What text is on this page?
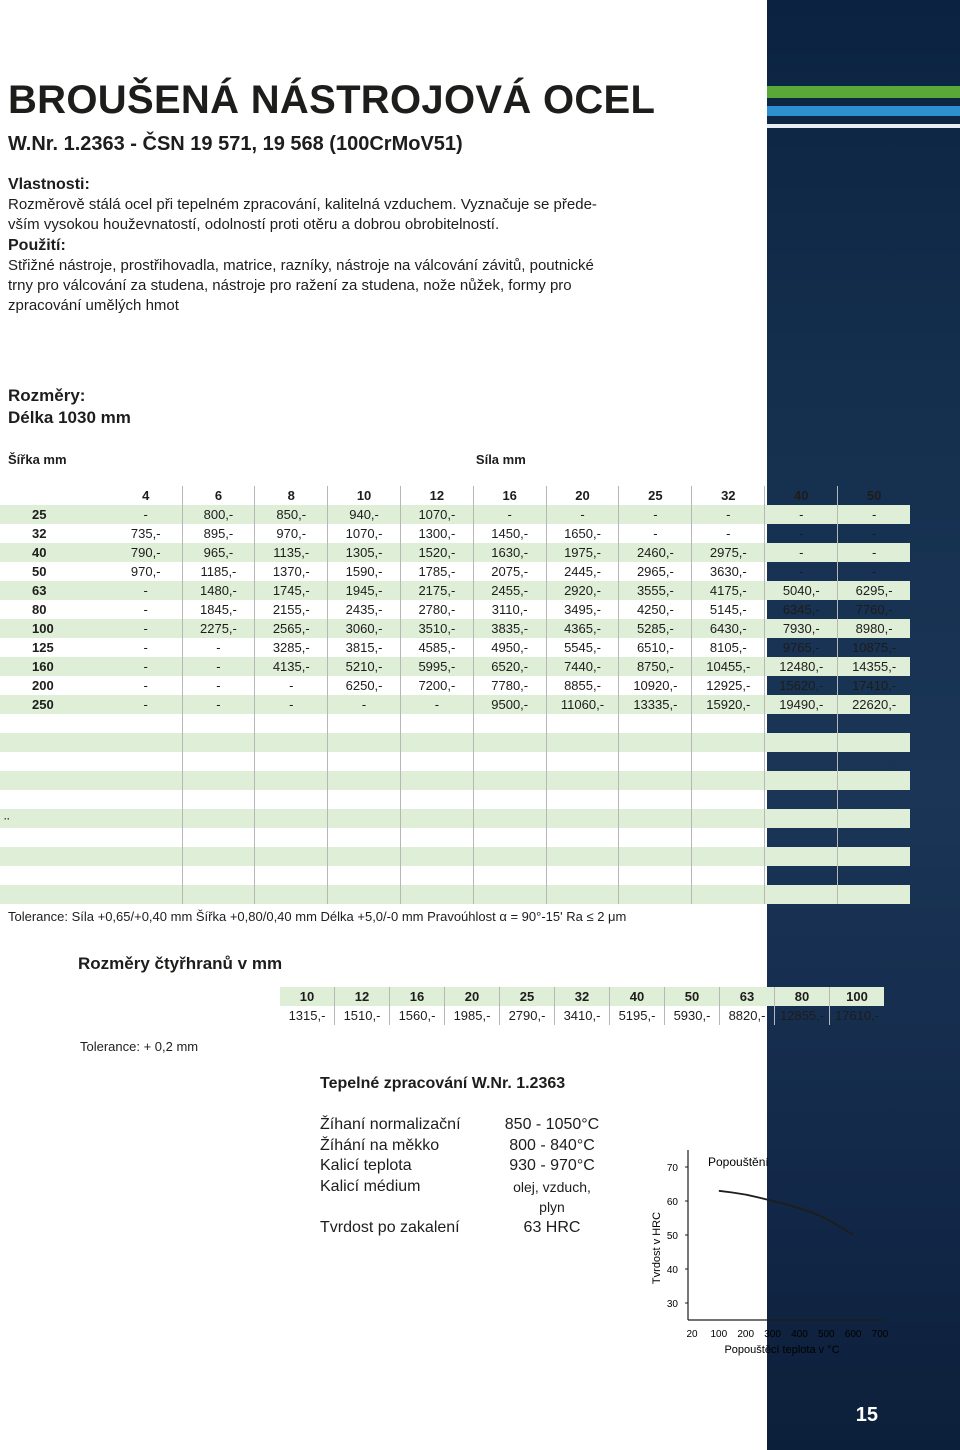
15
BROUŠENÁ NÁSTROJOVÁ OCEL
W.Nr. 1.2363 - ČSN 19 571, 19 568 (100CrMoV51)
Vlastnosti:
Rozměrově stálá ocel při tepelném zpracování, kalitelná vzduchem. Vyznačuje se přede-
vším vysokou houževnatostí, odolností proti otěru a dobrou obrobitelností.
Použití:
Střižné nástroje, prostřihovadla, matrice, razníky, nástroje na válcování závitů, poutnické
trny pro válcování za studena, nástroje pro ražení za studena, nože nůžek, formy pro
zpracování umělých hmot
Rozměry:
Délka 1030 mm
Šířka mm	Síla mm										
	4	6	8	10	12	16	20	25	32	40	50
25	-	800,-	850,-	940,-	1070,-	-	-	-	-	-	-
32	735,-	895,-	970,-	1070,-	1300,-	1450,-	1650,-	-	-	-	-
40	790,-	965,-	1135,-	1305,-	1520,-	1630,-	1975,-	2460,-	2975,-	-	-
50	970,-	1185,-	1370,-	1590,-	1785,-	2075,-	2445,-	2965,-	3630,-	-	-
63	-	1480,-	1745,-	1945,-	2175,-	2455,-	2920,-	3555,-	4175,-	5040,-	6295,-
80	-	1845,-	2155,-	2435,-	2780,-	3110,-	3495,-	4250,-	5145,-	6345,-	7760,-
100	-	2275,-	2565,-	3060,-	3510,-	3835,-	4365,-	5285,-	6430,-	7930,-	8980,-
125	-	-	3285,-	3815,-	4585,-	4950,-	5545,-	6510,-	8105,-	9765,-	10875,-
160	-	-	4135,-	5210,-	5995,-	6520,-	7440,-	8750,-	10455,-	12480,-	14355,-
200	-	-	-	6250,-	7200,-	7780,-	8855,-	10920,-	12925,-	15620,-	17410,-
250	-	-	-	-	-	9500,-	11060,-	13335,-	15920,-	19490,-	22620,-

··											

Tolerance: Síla +0,65/+0,40 mm Šířka +0,80/0,40 mm Délka +5,0/-0 mm Pravoúhlost α = 90°-15' Ra ≤ 2 μm
Rozměry čtyřhranů v mm
10	12	16	20	25	32	40	50	63	80	100
1315,-	1510,-	1560,-	1985,-	2790,-	3410,-	5195,-	5930,-	8820,-	12855,-	17610,-
Tolerance: + 0,2 mm
Tepelné zpracování W.Nr. 1.2363
Žíhaní normalizační	850 - 1050°C
Žíhání na měkko	800 - 840°C
Kalicí teplota	930 - 970°C
Kalicí médium	olej, vzduch, plyn
Tvrdost po zakalení	63 HRC
Popouštění
Tvrdost v HRC
Popouštěcí teplota v °C
30
40
50
60
70
20 100 200 300 400 500 600 700
